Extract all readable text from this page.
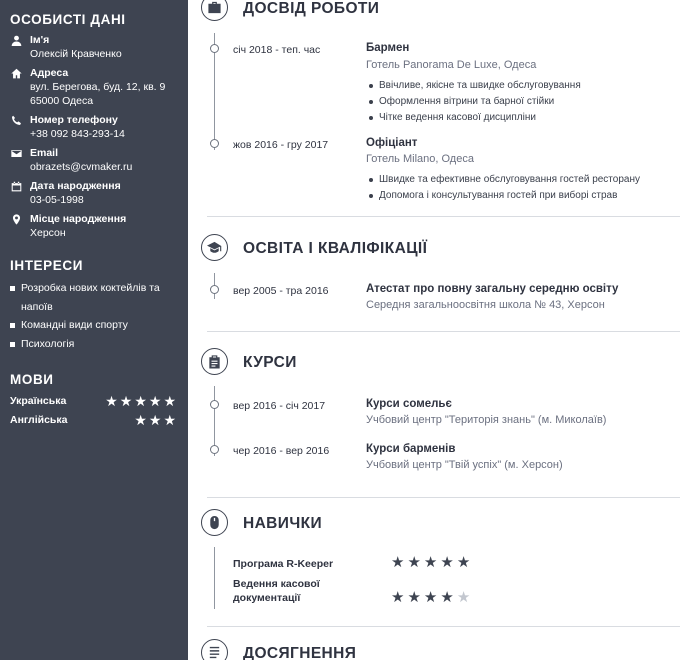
ОСОБИСТІ ДАНІ
Ім'я
Олексій Кравченко
Адреса
вул. Берегова, буд. 12, кв. 9
65000 Одеса
Номер телефону
+38 092 843-293-14
Email
obrazets@cvmaker.ru
Дата народження
03-05-1998
Місце народження
Херсон
ІНТЕРЕСИ
Розробка нових коктейлів та
напоїв
Командні види спорту
Психологія
МОВИ
Українська	★★★★★
Англійська	★★★
ДОСВІД РОБОТИ
січ 2018 - теп. час	Бармен
Готель Panorama De Luxe, Одеса
Ввічливе, якісне та швидке обслуговування
Оформлення вітрини та барної стійки
Чітке ведення касової дисципліни
жов 2016 - гру 2017	Офіціант
Готель Milano, Одеса
Швидке та ефективне обслуговування гостей ресторану
Допомога і консультування гостей при виборі страв
ОСВІТА І КВАЛІФІКАЦІЇ
вер 2005 - тра 2016	Атестат про повну загальну середню освіту
Середня загальноосвітня школа № 43, Херсон
КУРСИ
вер 2016 - січ 2017	Курси сомельє
Учбовий центр "Територія знань" (м. Миколаїв)
чер 2016 - вер 2016	Курси барменів
Учбовий центр "Твій успіх" (м. Херсон)
НАВИЧКИ
Програма R-Keeper	★★★★★
Ведення касової
документації	★★★★★
ДОСЯГНЕННЯ
